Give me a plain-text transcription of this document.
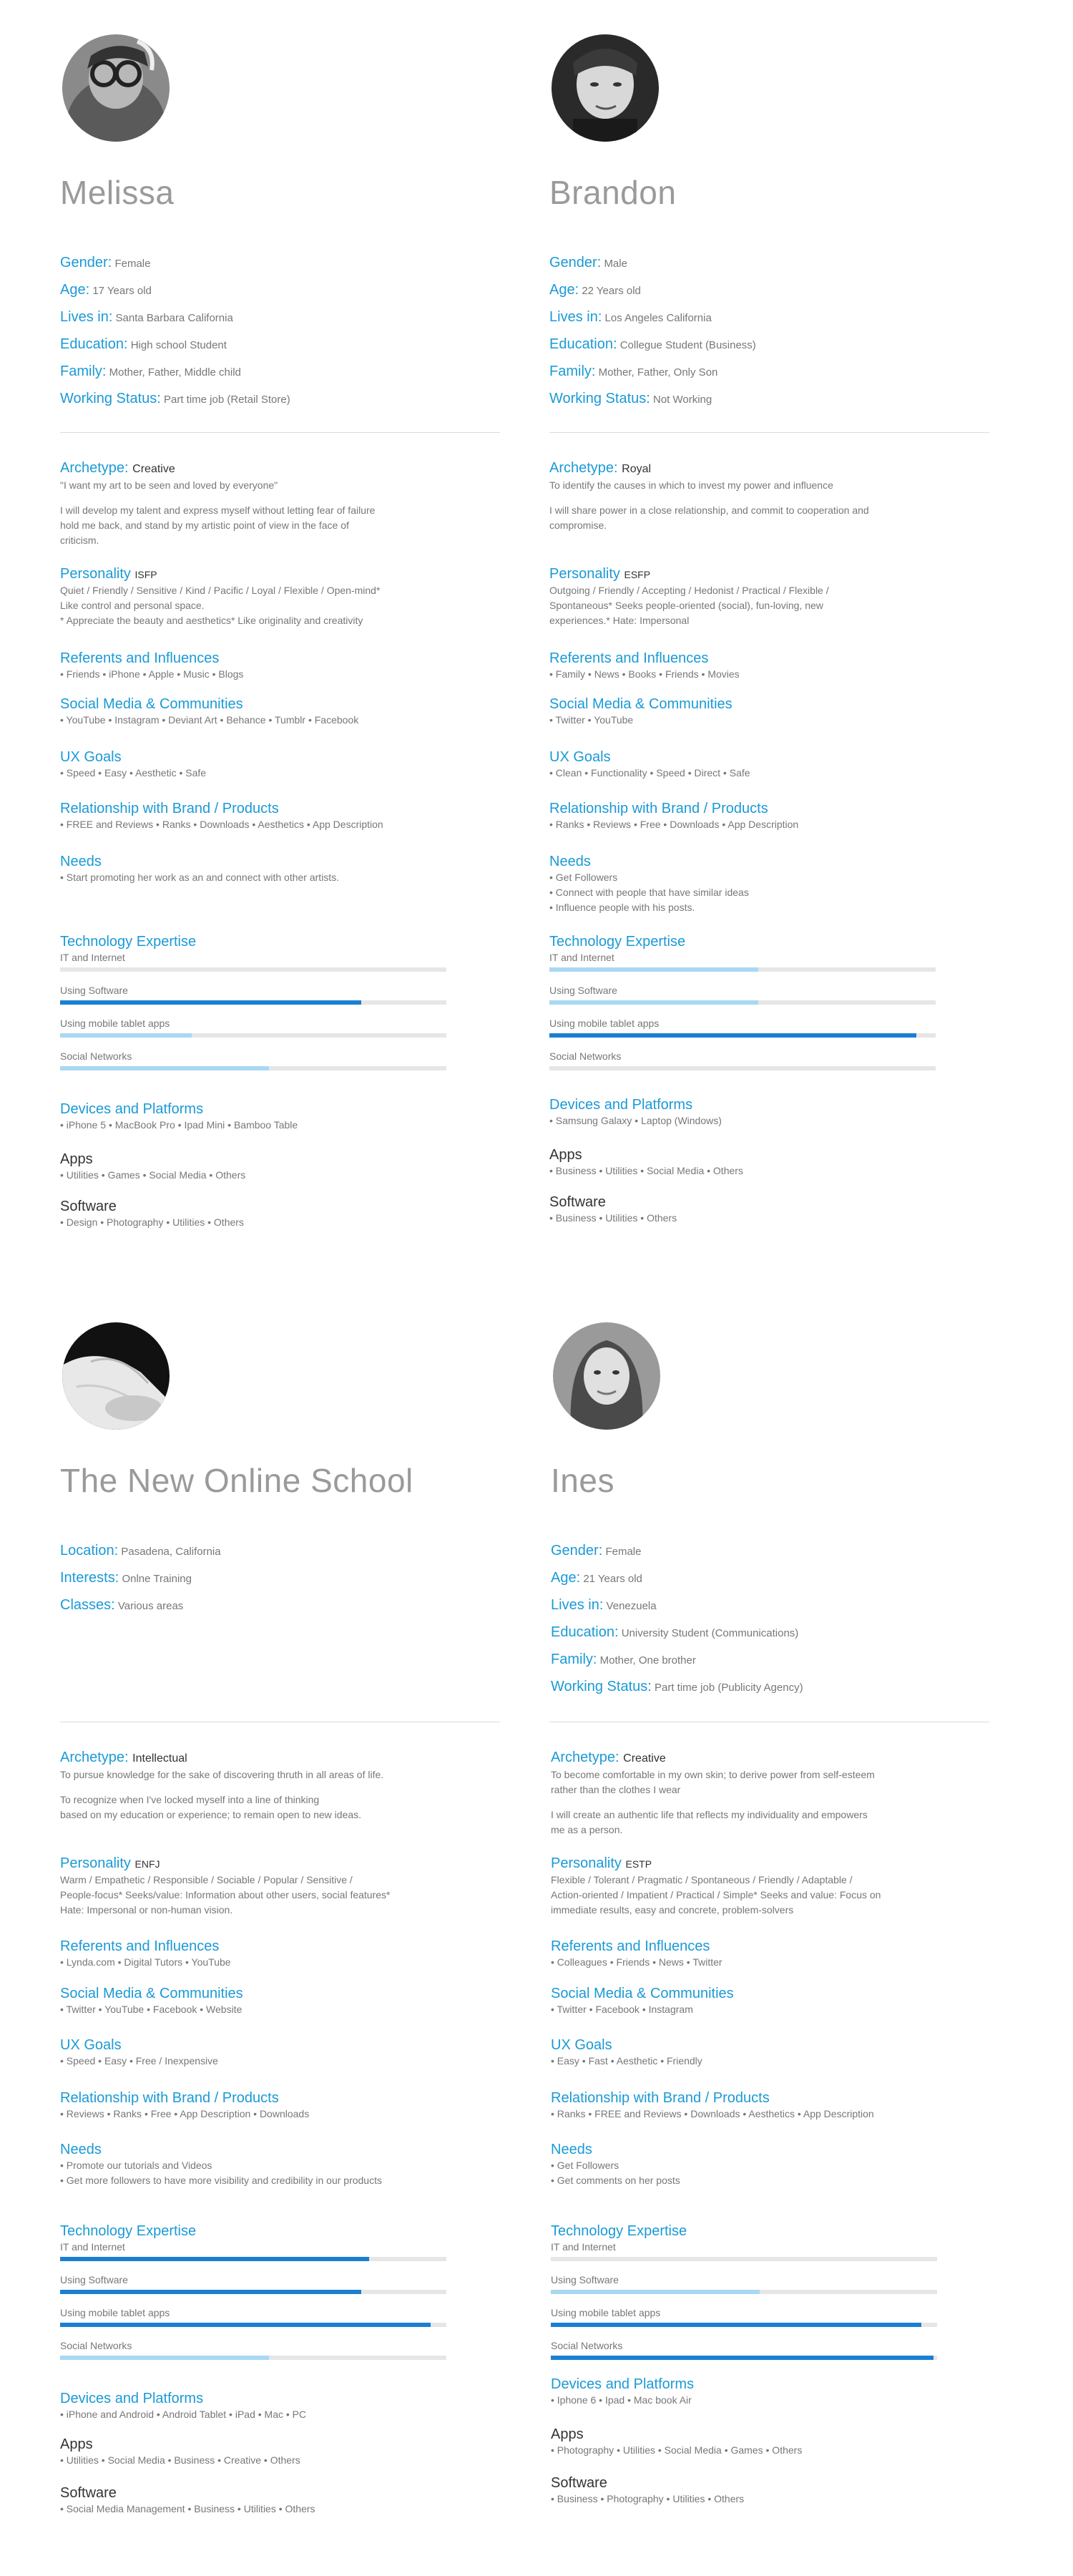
Melissa
Gender: Female
Age: 17 Years old
Lives in: Santa Barbara California
Education: High school Student
Family: Mother, Father, Middle child
Working Status: Part time job (Retail Store)
Archetype: Creative

"I want my art to be seen and loved by everyone"

I will develop my talent and express myself without letting fear of failure

hold me back, and stand by my artistic point of view in the face of

criticism.

Personality ISFP

Quiet / Friendly / Sensitive / Kind / Pacific / Loyal / Flexible / Open-mind*

Like control and personal space.

* Appreciate the beauty and aesthetics* Like originality and creativity

Referents and Influences

• Friends • iPhone • Apple • Music • Blogs

Social Media & Communities

• YouTube • Instagram • Deviant Art • Behance • Tumblr • Facebook

UX Goals

• Speed • Easy • Aesthetic • Safe

Relationship with Brand / Products

• FREE and Reviews • Ranks • Downloads • Aesthetics • App Description

Needs

• Start promoting her work as an and connect with other artists.

Devices and Platforms

• iPhone 5 • MacBook Pro • Ipad Mini • Bamboo Table

Apps

• Utilities • Games • Social Media • Others

Software

• Design • Photography • Utilities • Others

Technology Expertise
IT and Internet
Using Software
Using mobile tablet apps
Social Networks
Brandon
Gender: Male
Age: 22 Years old
Lives in: Los Angeles California
Education: Collegue Student (Business)
Family: Mother, Father, Only Son
Working Status: Not Working
Archetype: Royal

To identify the causes in which to invest my power and influence

I will share power in a close relationship, and commit to cooperation and

compromise.

Personality ESFP

Outgoing / Friendly / Accepting / Hedonist / Practical / Flexible /

Spontaneous* Seeks people-oriented (social), fun-loving, new

experiences.* Hate: Impersonal

Referents and Influences

• Family • News • Books • Friends • Movies

Social Media & Communities

• Twitter • YouTube

UX Goals

• Clean • Functionality • Speed • Direct • Safe

Relationship with Brand / Products

• Ranks • Reviews • Free • Downloads • App Description

Needs

• Get Followers

• Connect with people that have similar ideas

• Influence people with his posts.

Devices and Platforms

• Samsung Galaxy • Laptop (Windows)

Apps

• Business • Utilities • Social Media • Others

Software

• Business • Utilities • Others

Technology Expertise
IT and Internet
Using Software
Using mobile tablet apps
Social Networks
The New Online School
Location: Pasadena, California
Interests: Onlne Training
Classes: Various areas
Archetype: Intellectual

To pursue knowledge for the sake of discovering thruth in all areas of life.

To recognize when I've locked myself into a line of thinking

based on my education or experience; to remain open to new ideas.

Personality ENFJ

Warm / Empathetic / Responsible / Sociable / Popular / Sensitive /

People-focus* Seeks/value: Information about other users, social features*

Hate: Impersonal or non-human vision.

Referents and Influences

• Lynda.com • Digital Tutors • YouTube

Social Media & Communities

• Twitter • YouTube • Facebook • Website

UX Goals

• Speed • Easy • Free / Inexpensive

Relationship with Brand / Products

• Reviews • Ranks • Free • App Description • Downloads

Needs

• Promote our tutorials and Videos

• Get more followers to have more visibility and credibility in our products

Devices and Platforms

• iPhone and Android • Android Tablet • iPad • Mac • PC

Apps

• Utilities • Social Media • Business • Creative • Others

Software

• Social Media Management • Business • Utilities • Others

Technology Expertise
IT and Internet
Using Software
Using mobile tablet apps
Social Networks
Ines
Gender: Female
Age: 21 Years old
Lives in: Venezuela
Education: University Student (Communications)
Family: Mother, One brother
Working Status: Part time job (Publicity Agency)
Archetype: Creative

To become comfortable in my own skin; to derive power from self-esteem

rather than the clothes I wear

I will create an authentic life that reflects my individuality and empowers

me as a person.

Personality ESTP

Flexible / Tolerant / Pragmatic / Spontaneous / Friendly / Adaptable /

Action-oriented / Impatient / Practical / Simple* Seeks and value: Focus on

immediate results, easy and concrete, problem-solvers

Referents and Influences

• Colleagues • Friends • News • Twitter

Social Media & Communities

• Twitter • Facebook • Instagram

UX Goals

• Easy • Fast • Aesthetic • Friendly

Relationship with Brand / Products

• Ranks • FREE and Reviews • Downloads • Aesthetics • App Description

Needs

• Get Followers

• Get comments on her posts

Devices and Platforms

• Iphone 6 • Ipad • Mac book Air

Apps

• Photography • Utilities • Social Media • Games • Others

Software

• Business • Photography • Utilities • Others

Technology Expertise
IT and Internet
Using Software
Using mobile tablet apps
Social Networks
